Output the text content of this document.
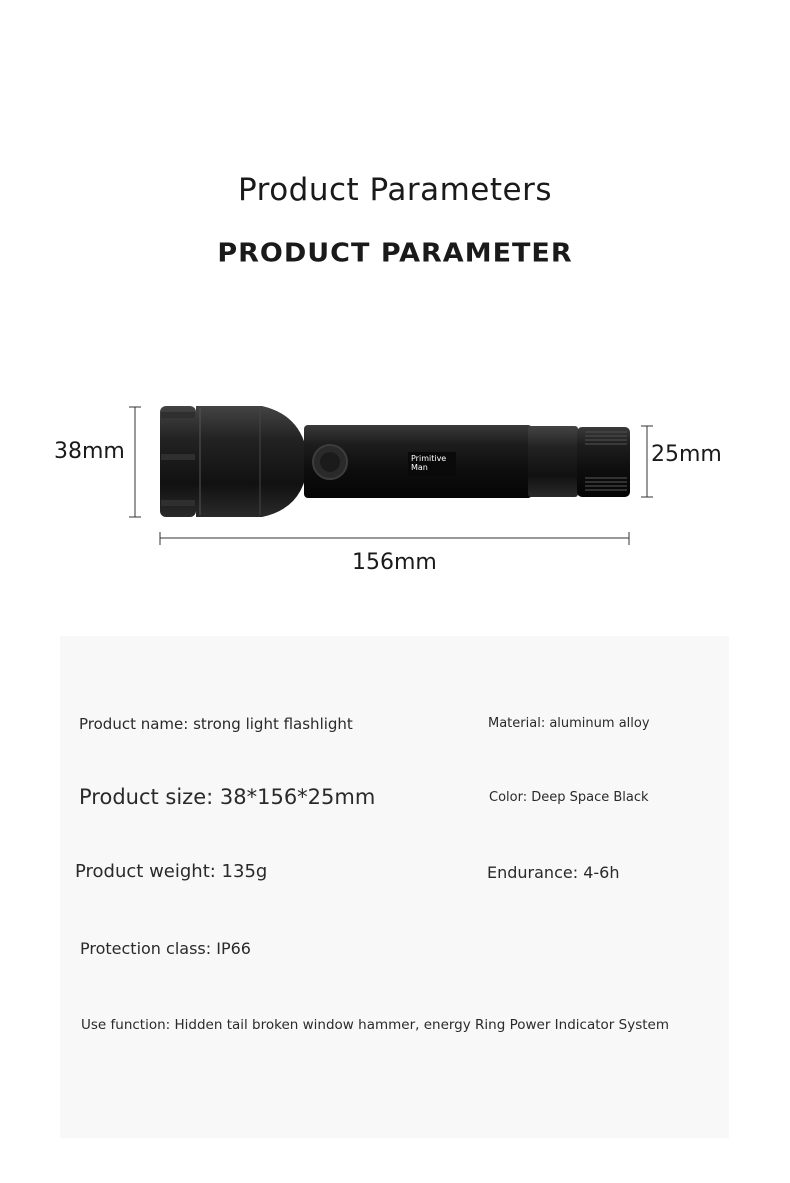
Product Parameters
PRODUCT PARAMETER
Primitive
Man
38mm	25mm
156mm
Product name: strong light flashlight	Material: aluminum alloy
Product size: 38*156*25mm	Color: Deep Space Black
Product weight: 135g	Endurance: 4-6h
Protection class: IP66
Use function: Hidden tail broken window hammer, energy Ring Power Indicator System
